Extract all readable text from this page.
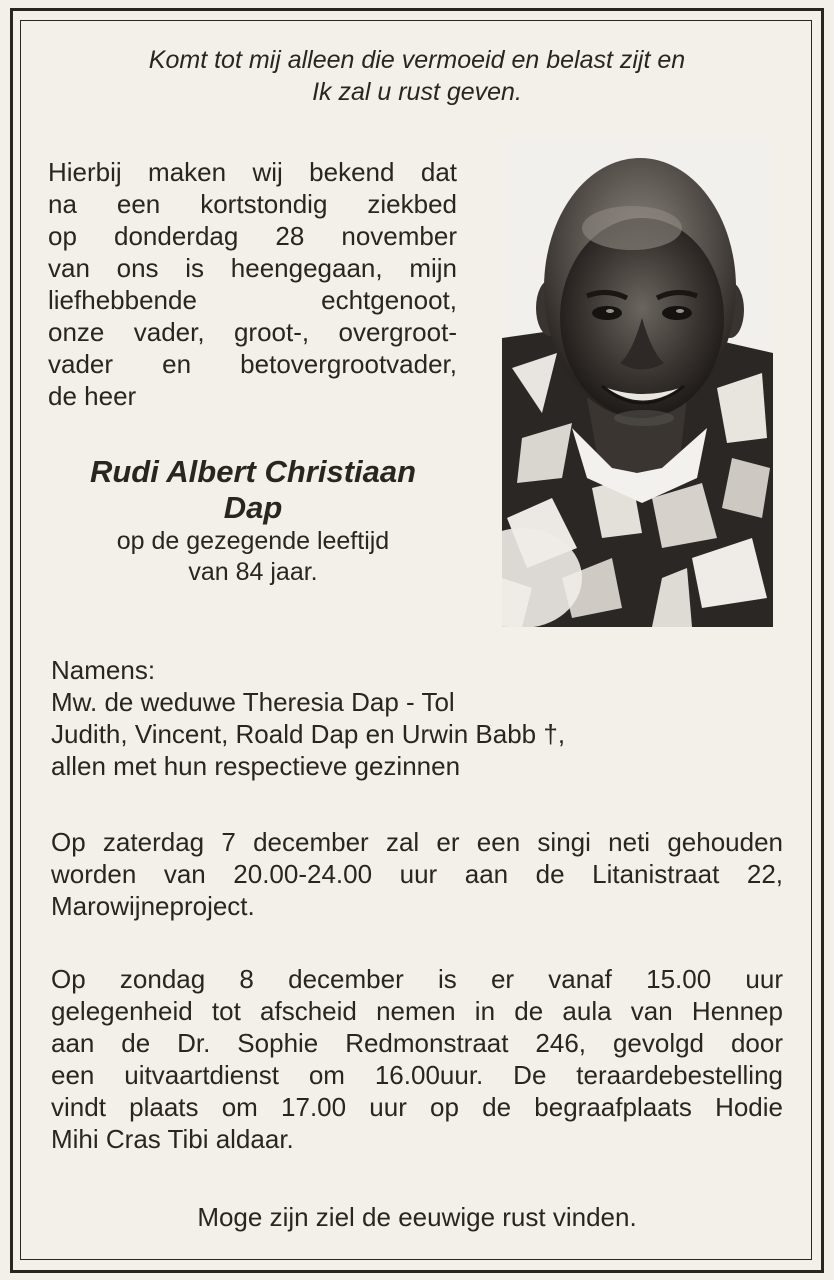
Komt tot mij alleen die vermoeid en belast zijt en
Ik zal u rust geven.
Hierbij maken wij bekend dat
na een kortstondig ziekbed
op donderdag 28 november
van ons is heengegaan, mijn
liefhebbende echtgenoot,
onze vader, groot-, overgroot-
vader en betovergrootvader,
de heer
Rudi Albert Christiaan
Dap
op de gezegende leeftijd
van 84 jaar.
Namens:
Mw. de weduwe Theresia Dap - Tol
Judith, Vincent, Roald Dap en Urwin Babb †,
allen met hun respectieve gezinnen
Op zaterdag 7 december zal er een singi neti gehouden
worden van 20.00-24.00 uur aan de Litanistraat 22,
Marowijneproject.
Op zondag 8 december is er vanaf 15.00 uur
gelegenheid tot afscheid nemen in de aula van Hennep
aan de Dr. Sophie Redmonstraat 246, gevolgd door
een uitvaartdienst om 16.00uur. De teraardebestelling
vindt plaats om 17.00 uur op de begraafplaats Hodie
Mihi Cras Tibi aldaar.
Moge zijn ziel de eeuwige rust vinden.
